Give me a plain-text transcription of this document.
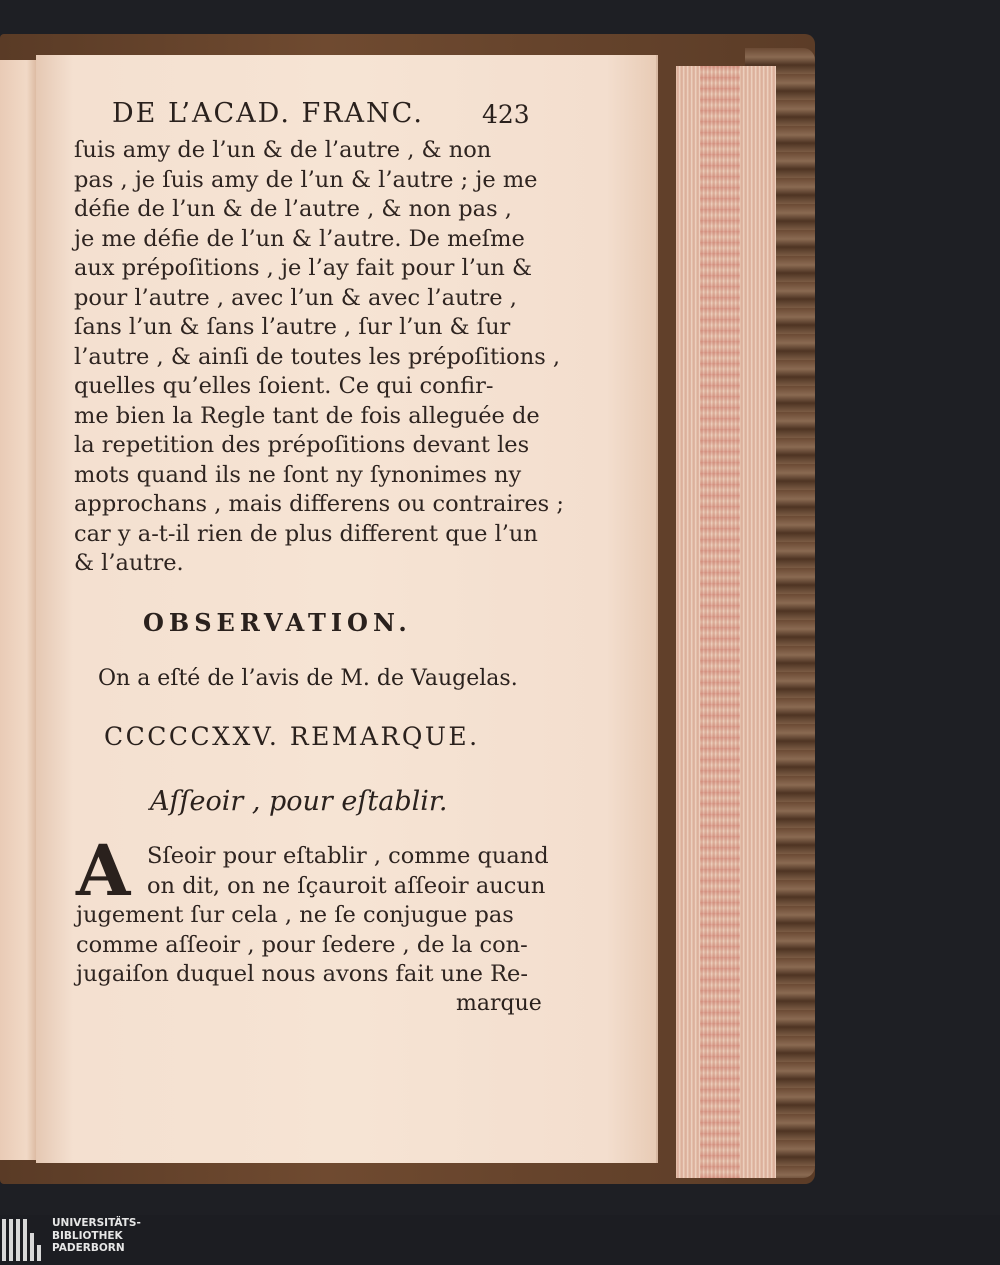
DE L’ACAD. FRANC. 423
ſuis amy de l’un & de l’autre , & non
pas , je ſuis amy de l’un & l’autre ; je me
défie de l’un & de l’autre , & non pas ,
je me défie de l’un & l’autre. De meſme
aux prépoſitions , je l’ay fait pour l’un &
pour l’autre , avec l’un & avec l’autre ,
ſans l’un & ſans l’autre , ſur l’un & ſur
l’autre , & ainſi de toutes les prépoſitions ,
quelles qu’elles ſoient. Ce qui confir-
me bien la Regle tant de fois alleguée de
la repetition des prépoſitions devant les
mots quand ils ne ſont ny ſynonimes ny
approchans , mais differens ou contraires ;
car y a-t-il rien de plus different que l’un
& l’autre.
OBSERVATION.
On a eſté de l’avis de M. de Vaugelas.
CCCCCXXV. REMARQUE.
Aſſeoir , pour eſtablir.
A Sſeoir pour eſtablir , comme quand
on dit, on ne ſçauroit aſſeoir aucun
jugement ſur cela , ne ſe conjugue pas
comme aſſeoir , pour ſedere , de la con-
jugaiſon duquel nous avons fait une Re-
marque
UNIVERSITÄTS-
BIBLIOTHEK
PADERBORN
